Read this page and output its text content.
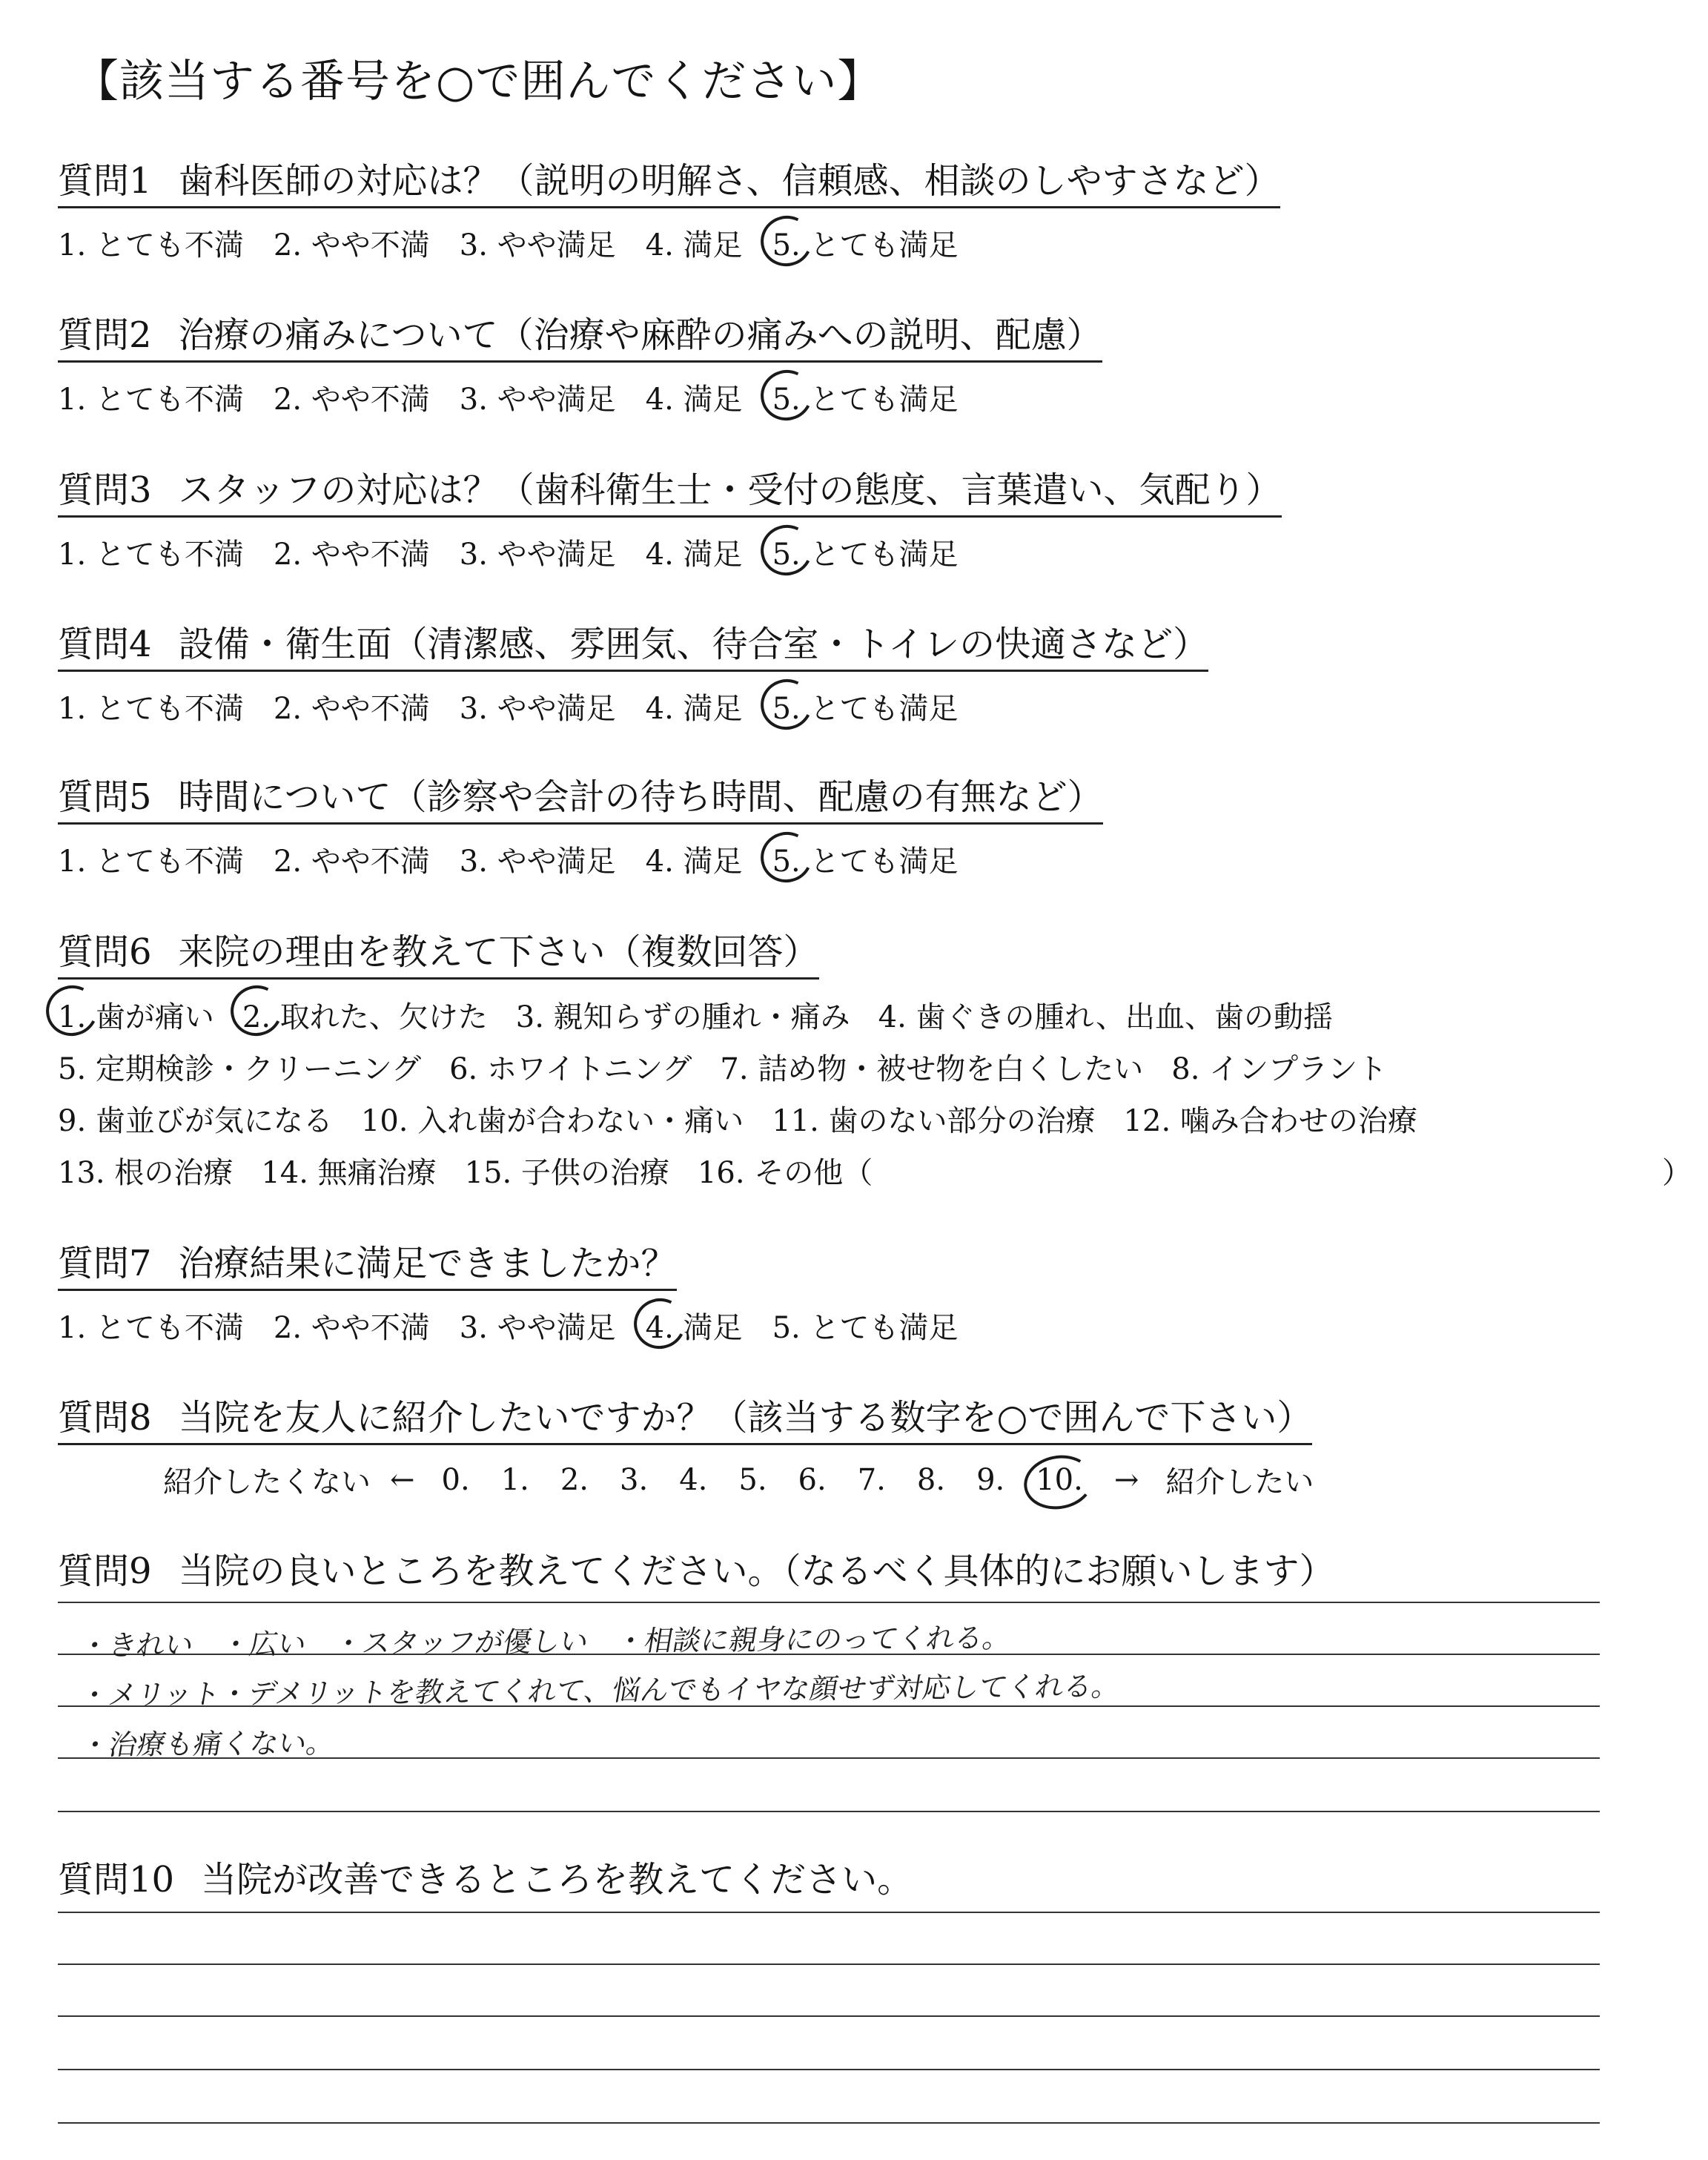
【該当する番号を○で囲んでください】
質問1 歯科医師の対応は？（説明の明解さ、信頼感、相談のしやすさなど）
1. とても不満 2. やや不満 3. やや満足 4. 満足 5. とても満足
質問2 治療の痛みについて（治療や麻酔の痛みへの説明、配慮）
1. とても不満 2. やや不満 3. やや満足 4. 満足 5. とても満足
質問3 スタッフの対応は？（歯科衛生士・受付の態度、言葉遣い、気配り）
1. とても不満 2. やや不満 3. やや満足 4. 満足 5. とても満足
質問4 設備・衛生面（清潔感、雰囲気、待合室・トイレの快適さなど）
1. とても不満 2. やや不満 3. やや満足 4. 満足 5. とても満足
質問5 時間について（診察や会計の待ち時間、配慮の有無など）
1. とても不満 2. やや不満 3. やや満足 4. 満足 5. とても満足
質問6 来院の理由を教えて下さい（複数回答）
1. 歯が痛い 2. 取れた、欠けた 3. 親知らずの腫れ・痛み 4. 歯ぐきの腫れ、出血、歯の動揺
5. 定期検診・クリーニング 6. ホワイトニング 7. 詰め物・被せ物を白くしたい 8. インプラント
9. 歯並びが気になる 10. 入れ歯が合わない・痛い 11. 歯のない部分の治療 12. 噛み合わせの治療
13. 根の治療 14. 無痛治療 15. 子供の治療 16. その他（	）
質問7 治療結果に満足できましたか？
1. とても不満 2. やや不満 3. やや満足 4. 満足 5. とても満足
質問8 当院を友人に紹介したいですか？（該当する数字を○で囲んで下さい）
紹介したくない ← 0. 1. 2. 3. 4. 5. 6. 7. 8. 9. 10. → 紹介したい
質問9 当院の良いところを教えてください。（なるべく具体的にお願いします）
・きれい　・広い　・スタッフが優しい　・相談に親身にのってくれる。
・メリット・デメリットを教えてくれて、悩んでもイヤな顔せず対応してくれる。
・治療も痛くない。
質問10 当院が改善できるところを教えてください。
